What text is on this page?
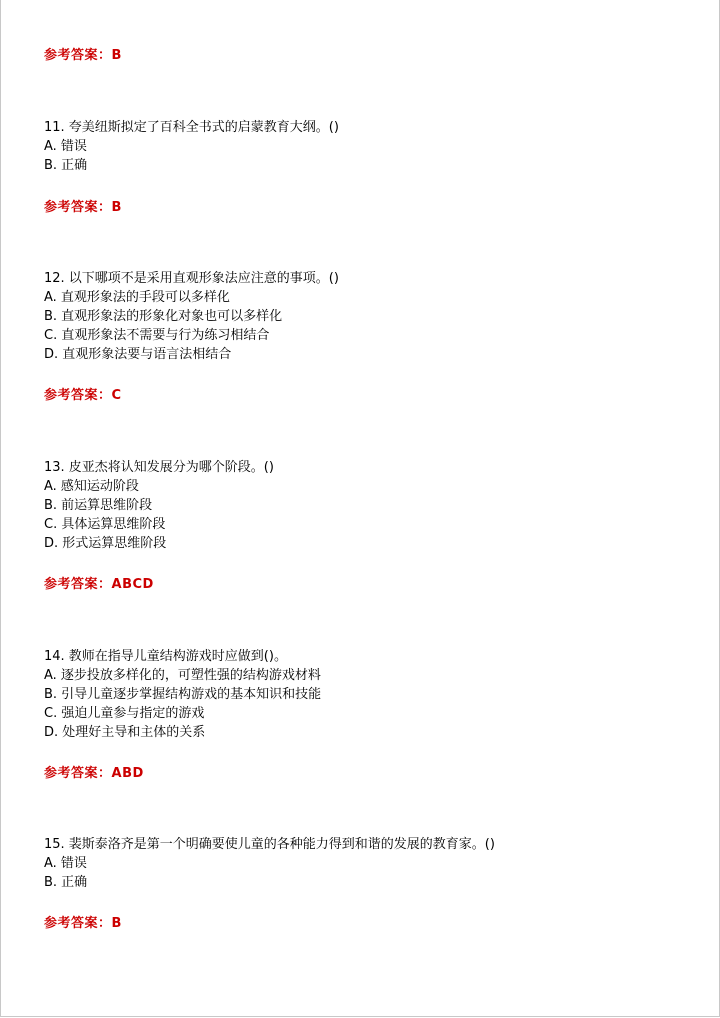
参考答案：B
11. 夸美纽斯拟定了百科全书式的启蒙教育大纲。()
A. 错误
B. 正确
参考答案：B
12. 以下哪项不是采用直观形象法应注意的事项。()
A. 直观形象法的手段可以多样化
B. 直观形象法的形象化对象也可以多样化
C. 直观形象法不需要与行为练习相结合
D. 直观形象法要与语言法相结合
参考答案：C
13. 皮亚杰将认知发展分为哪个阶段。()
A. 感知运动阶段
B. 前运算思维阶段
C. 具体运算思维阶段
D. 形式运算思维阶段
参考答案：ABCD
14. 教师在指导儿童结构游戏时应做到()。
A. 逐步投放多样化的，可塑性强的结构游戏材料
B. 引导儿童逐步掌握结构游戏的基本知识和技能
C. 强迫儿童参与指定的游戏
D. 处理好主导和主体的关系
参考答案：ABD
15. 裴斯泰洛齐是第一个明确要使儿童的各种能力得到和谐的发展的教育家。()
A. 错误
B. 正确
参考答案：B
